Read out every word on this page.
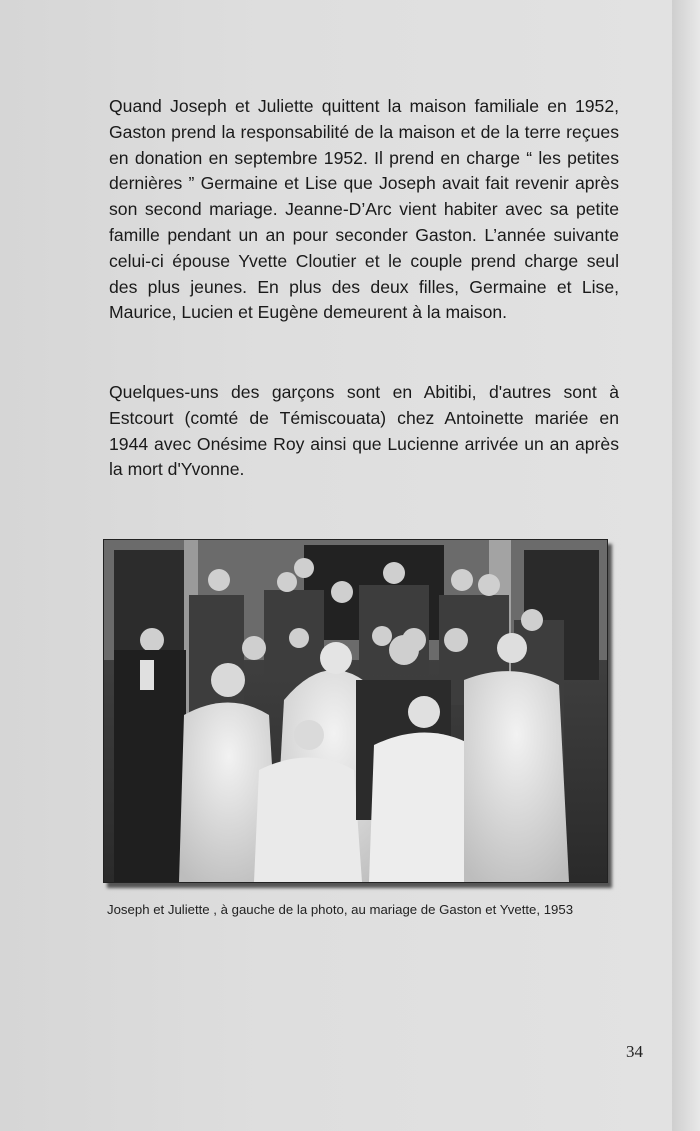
Quand Joseph et Juliette quittent la maison familiale en 1952, Gaston prend la responsabilité de la maison et de la terre reçues en donation en septembre 1952. Il prend en charge “ les petites dernières ” Germaine et Lise que Joseph avait fait revenir après son second mariage. Jeanne-D’Arc vient habiter avec sa petite famille pendant un an pour seconder Gaston. L’année suivante celui-ci épouse Yvette Cloutier et le couple prend charge seul des plus jeunes. En plus des deux filles, Germaine et Lise, Maurice, Lucien et Eugène demeurent à la maison.

Quelques-uns des garçons sont en Abitibi, d'autres sont à Estcourt (comté de Témiscouata) chez Antoinette mariée en 1944 avec Onésime Roy ainsi que Lucienne arrivée un an après la mort d'Yvonne.

Joseph et Juliette , à gauche de la photo, au mariage de Gaston et Yvette, 1953

34
